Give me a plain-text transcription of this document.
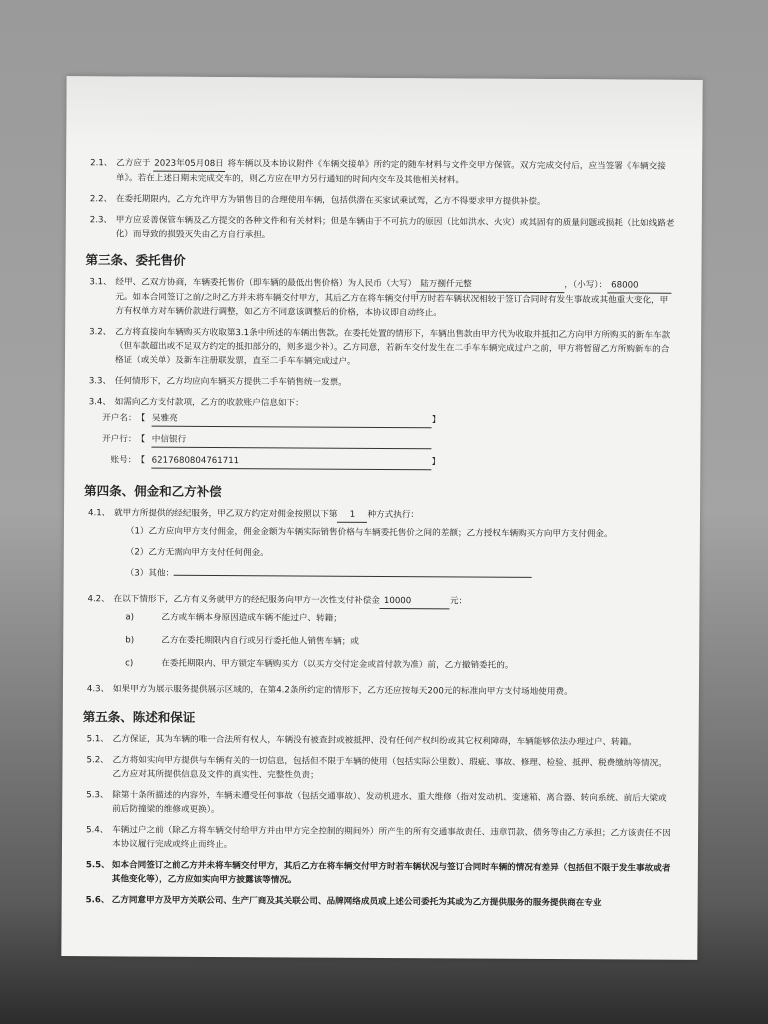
2.1、 乙方应于 2023年05月08日 将车辆以及本协议附件《车辆交接单》所约定的随车材料与文件交甲方保管。双方完成交付后，应当签署《车辆交接单》。若在上述日期未完成交车的，则乙方应在甲方另行通知的时间内交车及其他相关材料。
2.2、 在委托期限内，乙方允许甲方为销售目的合理使用车辆，包括供潜在买家试乘试驾，乙方不得要求甲方提供补偿。
2.3、 甲方应妥善保管车辆及乙方提交的各种文件和有关材料；但是车辆由于不可抗力的原因（比如洪水、火灾）或其固有的质量问题或损耗（比如线路老化）而导致的损毁灭失由乙方自行承担。
第三条、委托售价
3.1、 经甲、乙双方协商，车辆委托售价（即车辆的最低出售价格）为人民币（大写） 陆万捌仟元整	，（小写）： 68000元。如本合同签订之前/之时乙方并未将车辆交付甲方，其后乙方在将车辆交付甲方时若车辆状况相较于签订合同时有发生事故或其他重大变化，甲方有权单方对车辆价款进行调整，如乙方不同意该调整后的价格，本协议即自动终止。
3.2、 乙方将直接向车辆购买方收取第3.1条中所述的车辆出售款。在委托处置的情形下，车辆出售款由甲方代为收取并抵扣乙方向甲方所购买的新车车款（但车款超出或不足双方约定的抵扣部分的，则多退少补）。乙方同意，若新车交付发生在二手车车辆完成过户之前，甲方将暂留乙方所购新车的合格证（或关单）及新车注册联发票，直至二手车车辆完成过户。
3.3、 任何情形下，乙方均应向车辆买方提供二手车销售统一发票。
3.4、 如需向乙方支付款项，乙方的收款账户信息如下：
开户名：【 吴雅亮	】
开户行：【 中信银行
账号：【 6217680804761711	】
第四条、佣金和乙方补偿
4.1、 就甲方所提供的经纪服务，甲乙双方约定对佣金按照以下第 1 种方式执行：
（1）乙方应向甲方支付佣金，佣金金额为车辆实际销售价格与车辆委托售价之间的差额；乙方授权车辆购买方向甲方支付佣金。
（2）乙方无需向甲方支付任何佣金。
（3）其他：
4.2、 在以下情形下，乙方有义务就甲方的经纪服务向甲方一次性支付补偿金 10000	元：
a)	乙方或车辆本身原因造成车辆不能过户、转籍；
b)	乙方在委托期限内自行或另行委托他人销售车辆；或
c)	在委托期限内、甲方锁定车辆购买方（以买方交付定金或首付款为准）前，乙方撤销委托的。
4.3、 如果甲方为展示服务提供展示区域的，在第4.2条所约定的情形下，乙方还应按每天200元的标准向甲方支付场地使用费。
第五条、陈述和保证
5.1、 乙方保证，其为车辆的唯一合法所有权人，车辆没有被查封或被抵押、没有任何产权纠纷或其它权利障碍，车辆能够依法办理过户、转籍。
5.2、 乙方将如实向甲方提供与车辆有关的一切信息，包括但不限于车辆的使用（包括实际公里数）、瑕疵、事故、修理、检验、抵押、税费缴纳等情况。乙方应对其所提供信息及文件的真实性、完整性负责；
5.3、 除第十条所描述的内容外，车辆未遭受任何事故（包括交通事故）、发动机进水、重大维修（指对发动机、变速箱、离合器、转向系统、前后大梁或前后防撞梁的维修或更换）。
5.4、 车辆过户之前（除乙方将车辆交付给甲方并由甲方完全控制的期间外）所产生的所有交通事故责任、违章罚款、债务等由乙方承担；乙方该责任不因本协议履行完成或终止而终止。
5.5、 如本合同签订之前乙方并未将车辆交付甲方，其后乙方在将车辆交付甲方时若车辆状况与签订合同时车辆的情况有差异（包括但不限于发生事故或者其他变化等），乙方应如实向甲方披露该等情况。
5.6、 乙方同意甲方及甲方关联公司、生产厂商及其关联公司、品牌网络成员或上述公司委托为其或为乙方提供服务的服务提供商在专业
